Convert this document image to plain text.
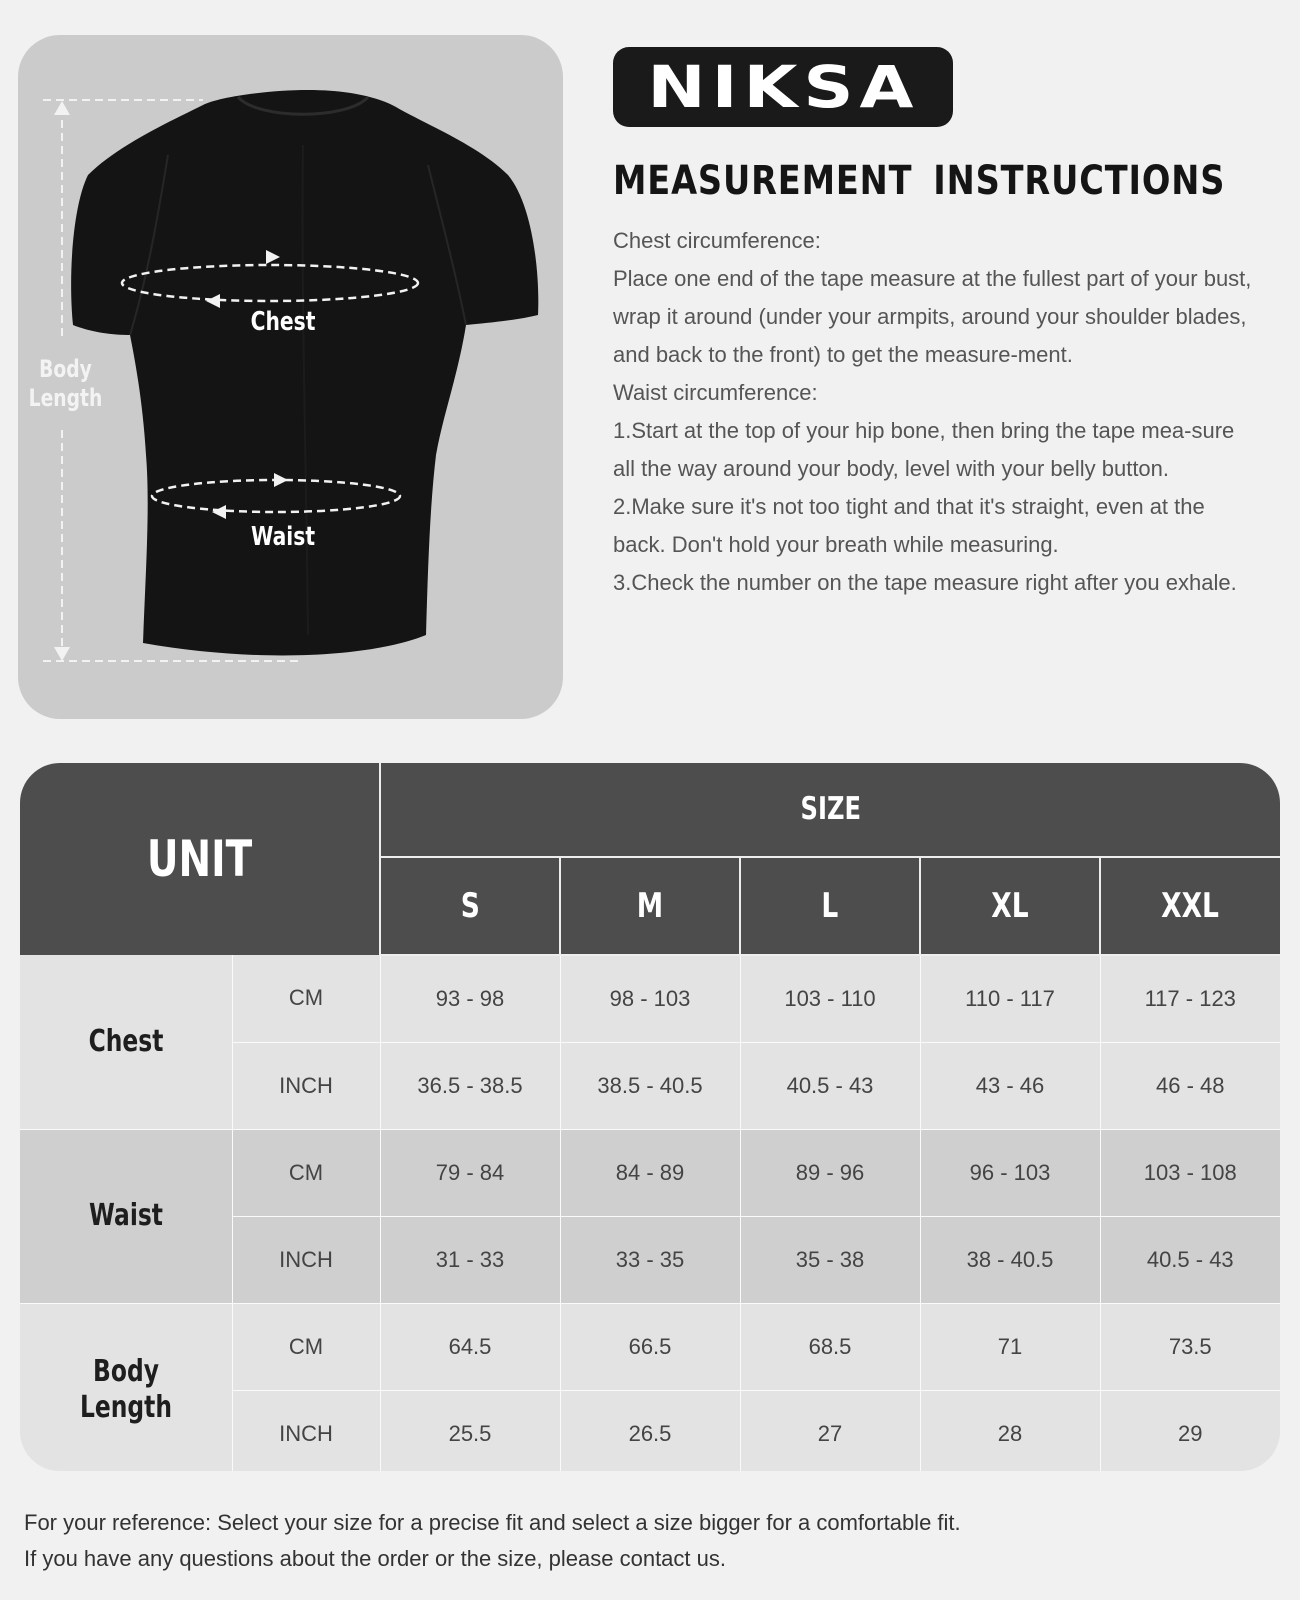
Chest
Waist
Body
Length
NIKSA
MEASUREMENT INSTRUCTIONS

Chest circumference:

Place one end of the tape measure at the fullest part of your bust, wrap it around (under your armpits, around your shoulder blades, and back to the front) to get the measure-ment.

Waist circumference:

1.Start at the top of your hip bone, then bring the tape mea-sure all the way around your body, level with your belly button.

2.Make sure it's not too tight and that it's straight, even at the back. Don't hold your breath while measuring.

3.Check the number on the tape measure right after you exhale.

UNIT		SIZE				
		S	M	L	XL	XXL
Chest	CM	93 - 98	98 - 103	103 - 110	110 - 117	117 - 123
	INCH	36.5 - 38.5	38.5 - 40.5	40.5 - 43	43 - 46	46 - 48
Waist	CM	79 - 84	84 - 89	89 - 96	96 - 103	103 - 108
	INCH	31 - 33	33 - 35	35 - 38	38 - 40.5	40.5 - 43
Body
Length	CM	64.5	66.5	68.5	71	73.5
	INCH	25.5	26.5	27	28	29
For your reference: Select your size for a precise fit and select a size bigger for a comfortable fit.
If you have any questions about the order or the size, please contact us.
